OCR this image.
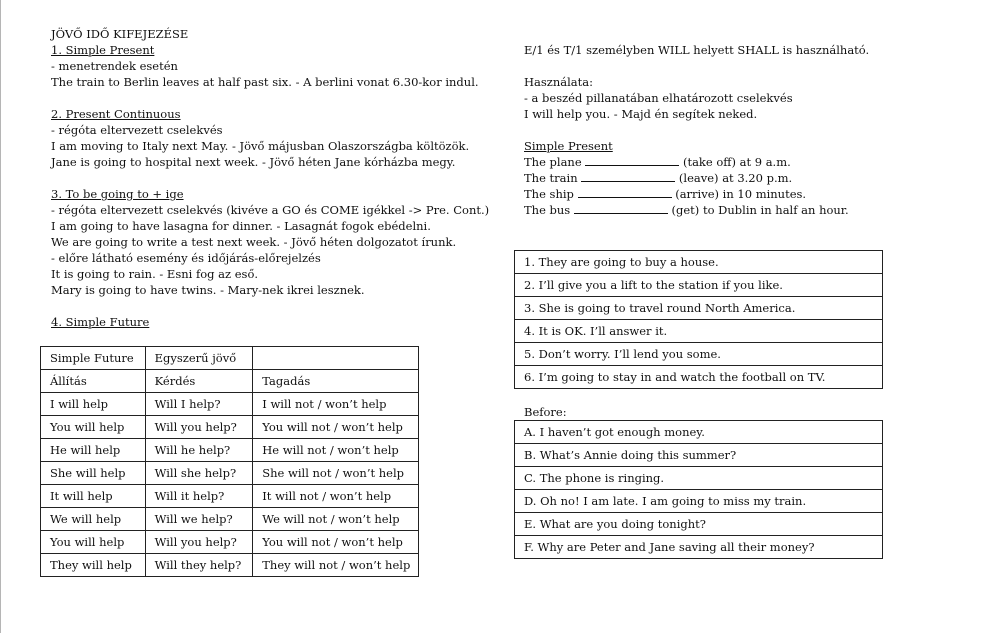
JÖVŐ IDŐ KIFEJEZÉSE
1. Simple Present
- menetrendek esetén
The train to Berlin leaves at half past six. - A berlini vonat 6.30-kor indul.
2. Present Continuous
- régóta eltervezett cselekvés
I am moving to Italy next May. - Jövő májusban Olaszországba költözök.
Jane is going to hospital next week. - Jövő héten Jane kórházba megy.
3. To be going to + ige
- régóta eltervezett cselekvés (kivéve a GO és COME igékkel -> Pre. Cont.)
I am going to have lasagna for dinner. - Lasagnát fogok ebédelni.
We are going to write a test next week. - Jövő héten dolgozatot írunk.
- előre látható esemény és időjárás-előrejelzés
It is going to rain. - Esni fog az eső.
Mary is going to have twins. - Mary-nek ikrei lesznek.
4. Simple Future
Simple Future	Egyszerű jövő	
Állítás	Kérdés	Tagadás
I will help	Will I help?	I will not / won’t help
You will help	Will you help?	You will not / won’t help
He will help	Will he help?	He will not / won’t help
She will help	Will she help?	She will not / won’t help
It will help	Will it help?	It will not / won’t help
We will help	Will we help?	We will not / won’t help
You will help	Will you help?	You will not / won’t help
They will help	Will they help?	They will not / won’t help
E/1 és T/1 személyben WILL helyett SHALL is használható.
Használata:
- a beszéd pillanatában elhatározott cselekvés
I will help you. - Majd én segítek neked.
Simple Present
The plane	(take off) at 9 a.m.
The train	(leave) at 3.20 p.m.
The ship	(arrive) in 10 minutes.
The bus	(get) to Dublin in half an hour.
1. They are going to buy a house.
2. I’ll give you a lift to the station if you like.
3. She is going to travel round North America.
4. It is OK. I’ll answer it.
5. Don’t worry. I’ll lend you some.
6. I’m going to stay in and watch the football on TV.
Before:
A. I haven’t got enough money.
B. What’s Annie doing this summer?
C. The phone is ringing.
D. Oh no! I am late. I am going to miss my train.
E. What are you doing tonight?
F. Why are Peter and Jane saving all their money?
